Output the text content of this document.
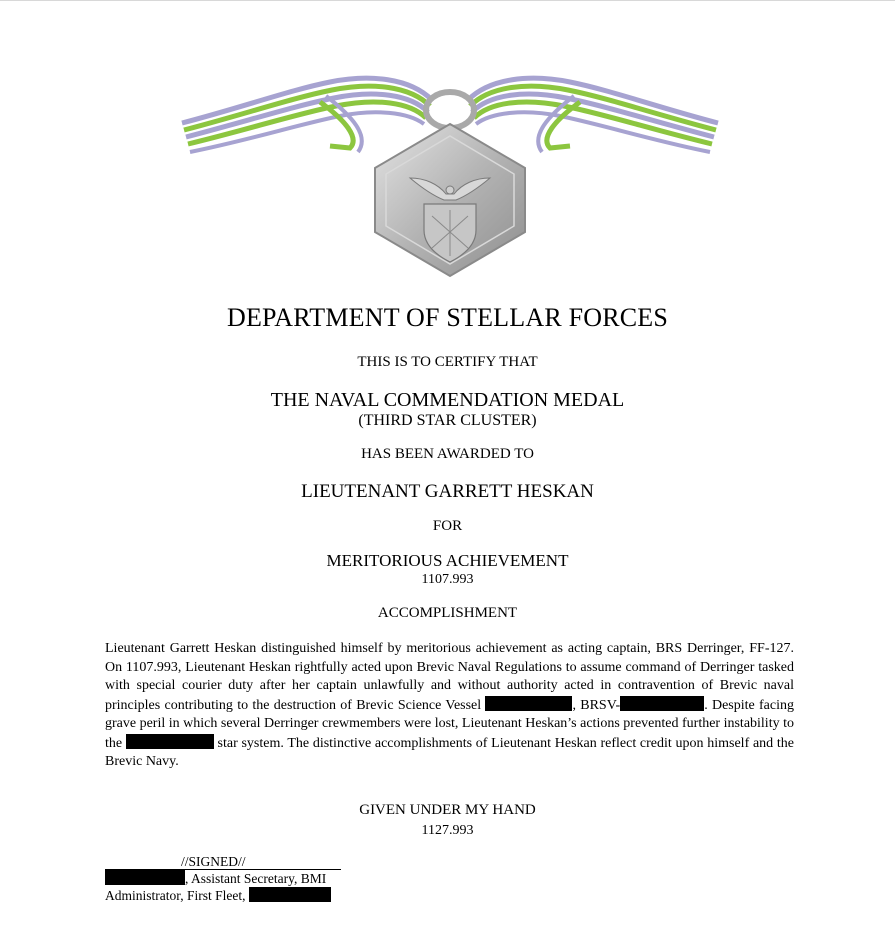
DEPARTMENT OF STELLAR FORCES
THIS IS TO CERTIFY THAT
THE NAVAL COMMENDATION MEDAL
(THIRD STAR CLUSTER)
HAS BEEN AWARDED TO
LIEUTENANT GARRETT HESKAN
FOR
MERITORIOUS ACHIEVEMENT
1107.993
ACCOMPLISHMENT

Lieutenant Garrett Heskan distinguished himself by meritorious achievement as acting captain, BRS Derringer, FF-127. On 1107.993, Lieutenant Heskan rightfully acted upon Brevic Naval Regulations to assume command of Derringer tasked with special courier duty after her captain unlawfully and without authority acted in contravention of Brevic naval principles contributing to the destruction of Brevic Science Vessel	, BRSV-	. Despite facing grave peril in which several Derringer crewmembers were lost, Lieutenant Heskan’s actions prevented further instability to the	star system. The distinctive accomplishments of Lieutenant Heskan reflect credit upon himself and the Brevic Navy.

GIVEN UNDER MY HAND
1127.993
//SIGNED//
, Assistant Secretary, BMI
Administrator, First Fleet,
